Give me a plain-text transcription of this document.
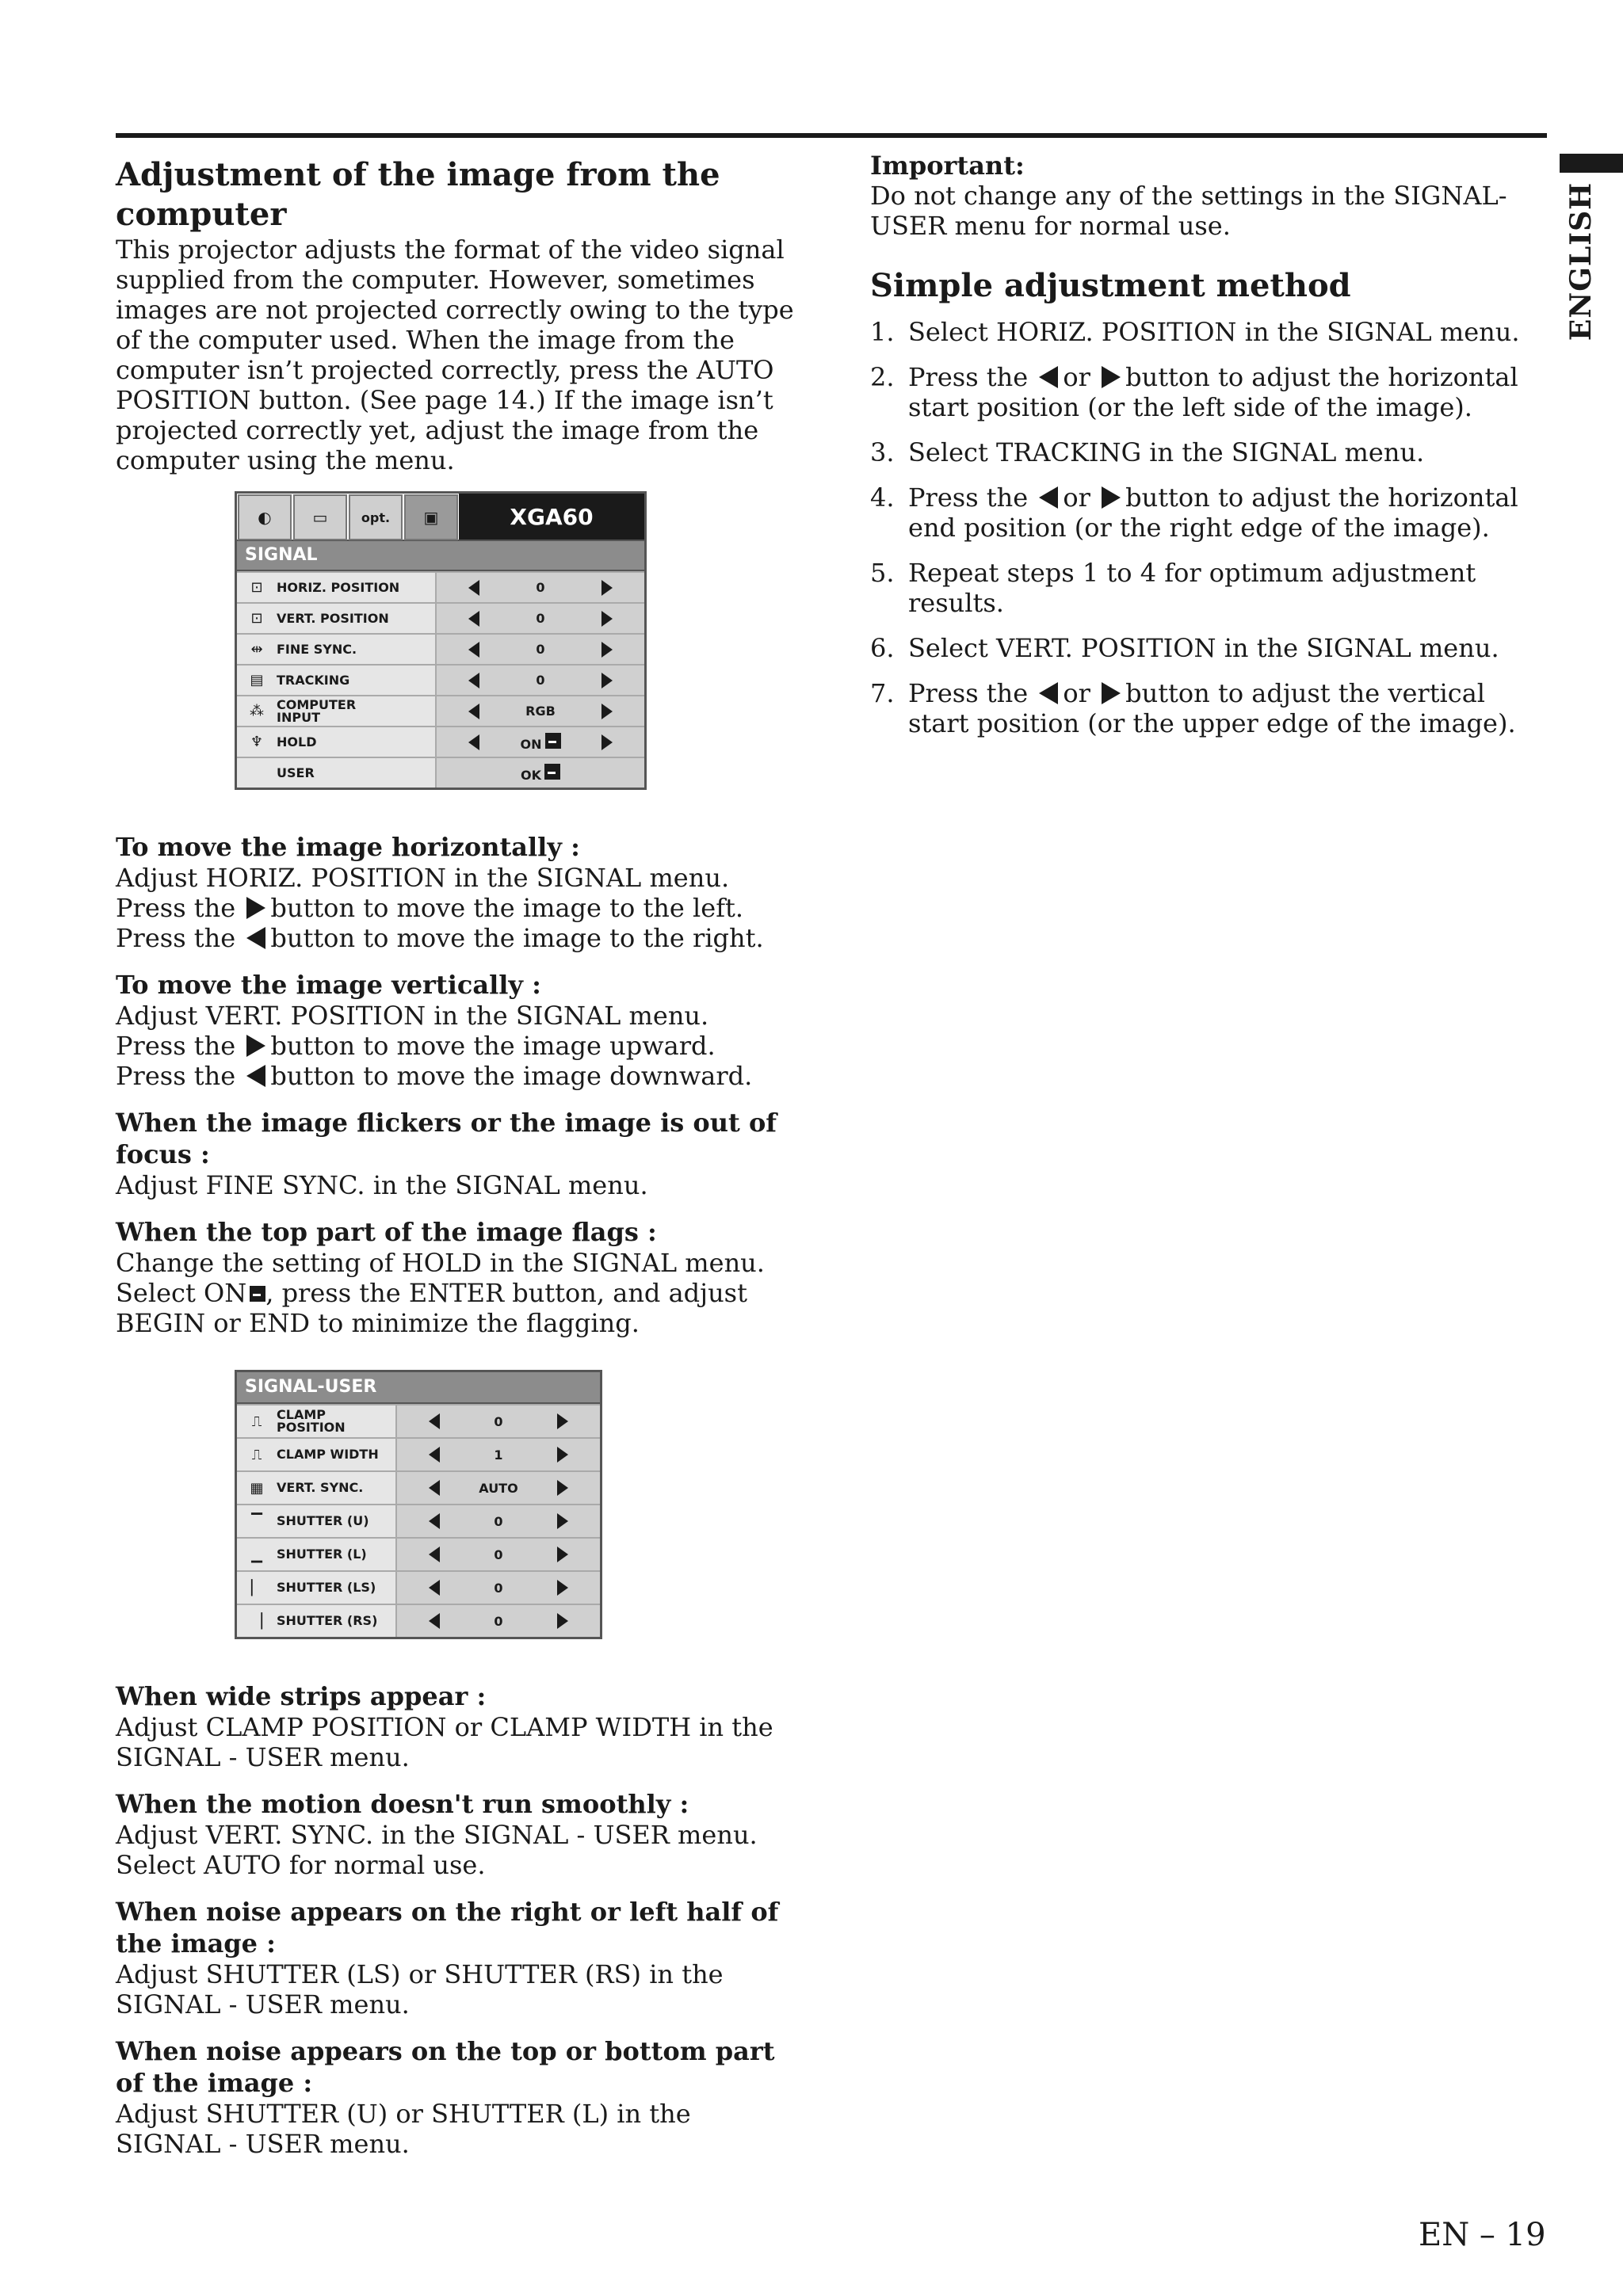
ENGLISH
Adjustment of the image from the computer

This projector adjusts the format of the video signal supplied from the computer. However, sometimes images are not projected correctly owing to the type of the computer used. When the image from the computer isn’t projected correctly, press the AUTO POSITION button. (See page 14.) If the image isn’t projected correctly yet, adjust the image from the computer using the menu.

◐	▭	opt.	▣	XGA60
SIGNAL
⊡	HORIZ. POSITION	0
⊡	VERT. POSITION	0
⇹	FINE SYNC.	0
▤	TRACKING	0
⁂	COMPUTER INPUT	RGB
♆	HOLD	ON
USER	OK
To move the image horizontally :

Adjust HORIZ. POSITION in the SIGNAL menu.

Press the button to move the image to the left.

Press the button to move the image to the right.

To move the image vertically :

Adjust VERT. POSITION in the SIGNAL menu.

Press the button to move the image upward.

Press the button to move the image downward.

When the image flickers or the image is out of focus :

Adjust FINE SYNC. in the SIGNAL menu.

When the top part of the image flags :

Change the setting of HOLD in the SIGNAL menu.

Select ON , press the ENTER button, and adjust BEGIN or END to minimize the flagging.

SIGNAL-USER
⎍	CLAMP POSITION	0
⎍	CLAMP WIDTH	1
▦	VERT. SYNC.	AUTO
▔	SHUTTER (U)	0
▁	SHUTTER (L)	0
▏	SHUTTER (LS)	0
▕	SHUTTER (RS)	0
When wide strips appear :

Adjust CLAMP POSITION or CLAMP WIDTH in the SIGNAL - USER menu.

When the motion doesn't run smoothly :

Adjust VERT. SYNC. in the SIGNAL - USER menu.

Select AUTO for normal use.

When noise appears on the right or left half of the image :

Adjust SHUTTER (LS) or SHUTTER (RS) in the SIGNAL - USER menu.

When noise appears on the top or bottom part of the image :

Adjust SHUTTER (U) or SHUTTER (L) in the SIGNAL - USER menu.

Important:

Do not change any of the settings in the SIGNAL-USER menu for normal use.

Simple adjustment method
1. Select HORIZ. POSITION in the SIGNAL menu.
2. Press the or button to adjust the horizontal start position (or the left side of the image).
3. Select TRACKING in the SIGNAL menu.
4. Press the or button to adjust the horizontal end position (or the right edge of the image).
5. Repeat steps 1 to 4 for optimum adjustment results.
6. Select VERT. POSITION in the SIGNAL menu.
7. Press the or button to adjust the vertical start position (or the upper edge of the image).
EN – 19
